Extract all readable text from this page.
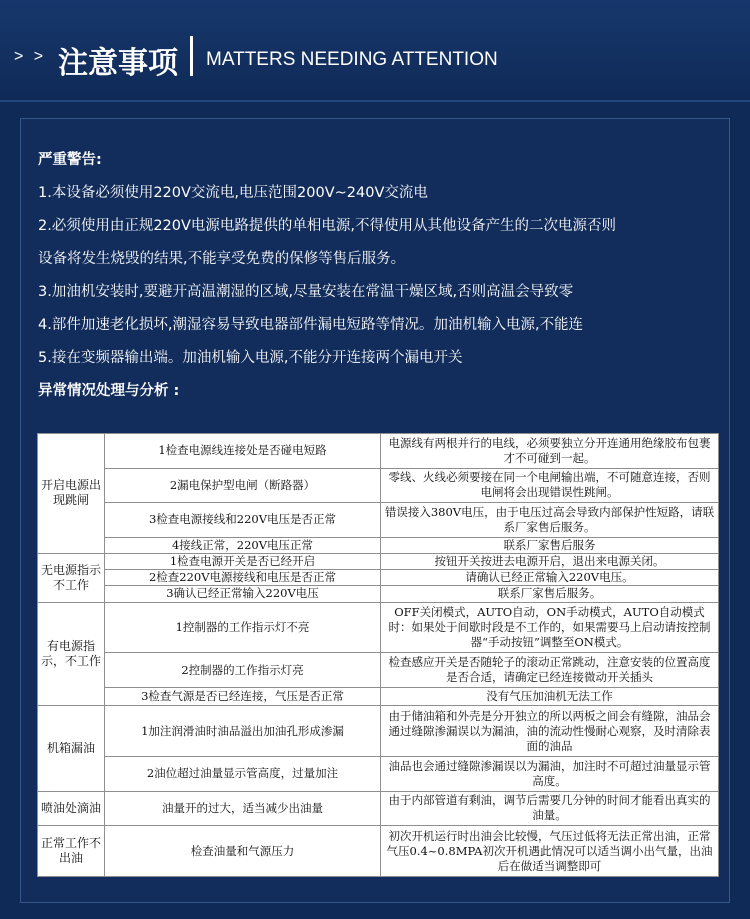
> > 注意事项 MATTERS NEEDING ATTENTION
严重警告:
1.本设备必须使用220V交流电,电压范围200V~240V交流电
2.必须使用由正规220V电源电路提供的单相电源,不得使用从其他设备产生的二次电源否则
设备将发生烧毁的结果,不能享受免费的保修等售后服务。
3.加油机安装时,要避开高温潮湿的区域,尽量安装在常温干燥区域,否则高温会导致零
4.部件加速老化损坏,潮湿容易导致电器部件漏电短路等情况。加油机输入电源,不能连
5.接在变频器输出端。加油机输入电源,不能分开连接两个漏电开关
异常情况处理与分析 :
开启电源出现跳闸	1检查电源线连接处是否碰电短路	电源线有两根并行的电线，必须要独立分开连通用绝缘胶布包裹才不可碰到一起。
	2漏电保护型电闸（断路器）	零线、火线必须要接在同一个电闸输出端，不可随意连接，否则电闸将会出现错误性跳闸。
	3检查电源接线和220V电压是否正常	错误接入380V电压，由于电压过高会导致内部保护性短路，请联系厂家售后服务。
	4接线正常，220V电压正常	联系厂家售后服务
无电源指示不工作	1检查电源开关是否已经开启	按钮开关按进去电源开启，退出来电源关闭。
	2检查220V电源接线和电压是否正常	请确认已经正常输入220V电压。
	3确认已经正常输入220V电压	联系厂家售后服务。
有电源指示，不工作	1控制器的工作指示灯不亮	OFF关闭模式，AUTO自动，ON手动模式，AUTO自动模式时：如果处于间歇时段是不工作的，如果需要马上启动请按控制器“手动按钮”调整至ON模式。
	2控制器的工作指示灯亮	检查感应开关是否随轮子的滚动正常跳动，注意安装的位置高度是否合适，请确定已经连接微动开关插头
	3检查气源是否已经连接，气压是否正常	没有气压加油机无法工作
机箱漏油	1加注润滑油时油品溢出加油孔形成渗漏	由于储油箱和外壳是分开独立的所以两板之间会有缝隙，油品会通过缝隙渗漏误以为漏油，油的流动性慢耐心观察，及时清除表面的油品
	2油位超过油量显示管高度，过量加注	油品也会通过缝隙渗漏误以为漏油，加注时不可超过油量显示管高度。
喷油处滴油	油量开的过大，适当减少出油量	由于内部管道有剩油，调节后需要几分钟的时间才能看出真实的油量。
正常工作不出油	检查油量和气源压力	初次开机运行时出油会比较慢，气压过低将无法正常出油，正常气压0.4~0.8MPA初次开机遇此情况可以适当调小出气量，出油后在做适当调整即可
